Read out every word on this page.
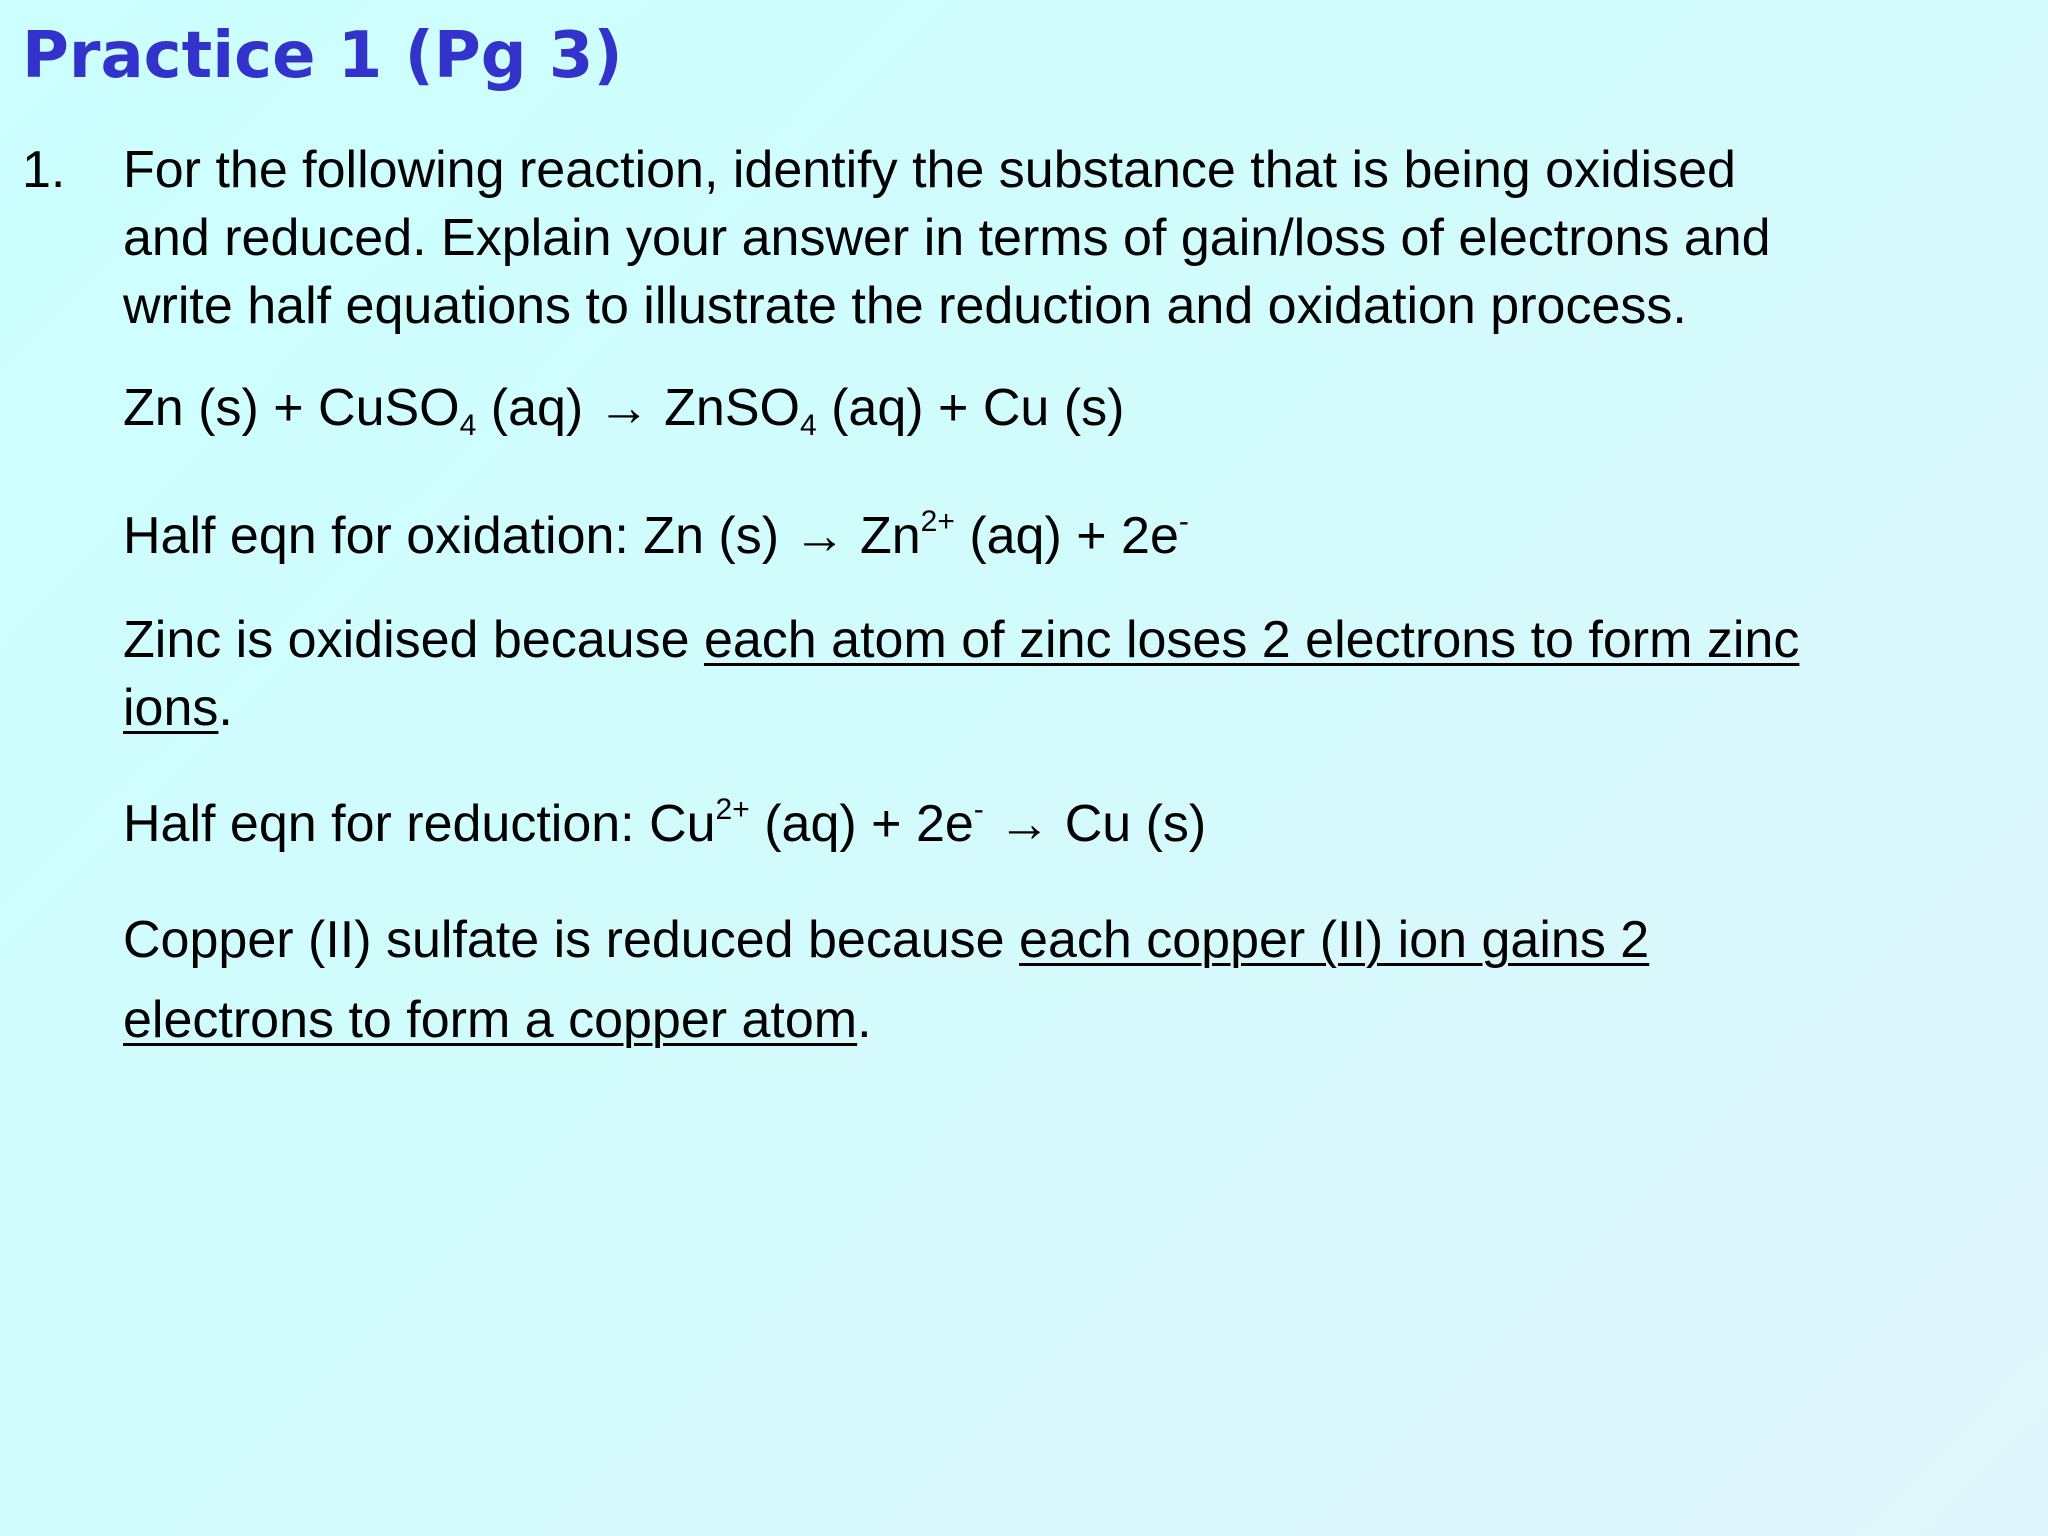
Practice 1 (Pg 3)
1. For the following reaction, identify the substance that is being oxidised
and reduced. Explain your answer in terms of gain/loss of electrons and
write half equations to illustrate the reduction and oxidation process.
Zn (s) + CuSO$_4$ (aq) → ZnSO$_4$ (aq) + Cu (s)
Half eqn for oxidation: Zn $(s) \to Zn^{2+}$ (aq) + 2e-
Zinc is oxidised because each atom of zinc loses 2 electrons to form zinc
ions.
Half eqn for reduction: $Cu^{2+}$ (aq) + 2e- → Cu (s)
Copper (II) sulfate is reduced because each copper (II) ion gains 2
electrons to form a copper atom.
